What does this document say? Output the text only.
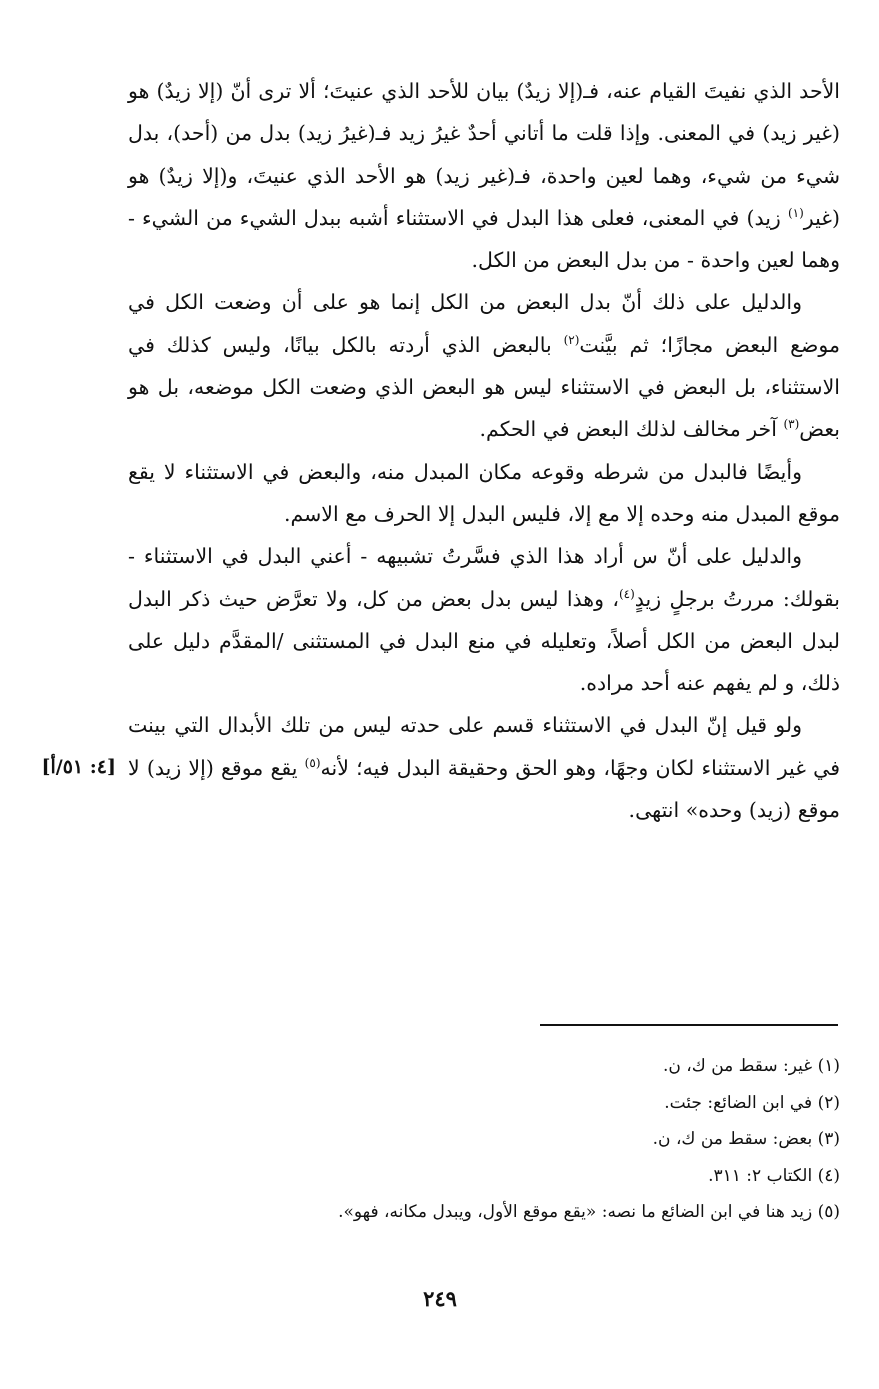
الأحد الذي نفيتَ القيام عنه، فـ(إلا زيدٌ) بيان للأحد الذي عنيتَ؛ ألا ترى أنّ (إلا زيدٌ) هو (غير زيد) في المعنى. وإذا قلت ما أتاني أحدٌ غيرُ زيد فـ(غيرُ زيد) بدل من (أحد)، بدل شيء من شيء، وهما لعين واحدة، فـ(غير زيد) هو الأحد الذي عنيتَ، و(إلا زيدٌ) هو (غير$^{(١)}$ زيد) في المعنى، فعلى هذا البدل في الاستثناء أشبه ببدل الشيء من الشيء - وهما لعين واحدة - من بدل البعض من الكل.

والدليل على ذلك أنّ بدل البعض من الكل إنما هو على أن وضعت الكل في موضع البعض مجازًا؛ ثم بيَّنت$^{(٢)}$ بالبعض الذي أردته بالكل بيانًا، وليس كذلك في الاستثناء، بل البعض في الاستثناء ليس هو البعض الذي وضعت الكل موضعه، بل هو بعض$^{(٣)}$ آخر مخالف لذلك البعض في الحكم.

وأيضًا فالبدل من شرطه وقوعه مكان المبدل منه، والبعض في الاستثناء لا يقع موقع المبدل منه وحده إلا مع إلا، فليس البدل إلا الحرف مع الاسم.

والدليل على أنّ س أراد هذا الذي فسَّرتُ تشبيهه - أعني البدل في الاستثناء - بقولك: مررتُ برجلٍ زيدٍ$^{(٤)}$، وهذا ليس بدل بعض من كل، ولا تعرَّض حيث ذكر البدل لبدل البعض من الكل أصلاً، وتعليله في منع البدل في المستثنى /المقدَّم دليل على ذلك، و لم يفهم عنه أحد مراده.

ولو قيل إنّ البدل في الاستثناء قسم على حدته ليس من تلك الأبدال التي بينت في غير الاستثناء لكان وجهًا، وهو الحق وحقيقة البدل فيه؛ لأنه$^{(٥)}$ يقع موقع (إلا زيد) لا موقع (زيد) وحده» انتهى.

[٤: ٥١/أ]
(١) غير: سقط من ك، ن.
(٢) في ابن الضائع: جئت.
(٣) بعض: سقط من ك، ن.
(٤) الكتاب ٢: ٣١١.
(٥) زيد هنا في ابن الضائع ما نصه: «يقع موقع الأول، ويبدل مكانه، فهو».
٢٤٩
